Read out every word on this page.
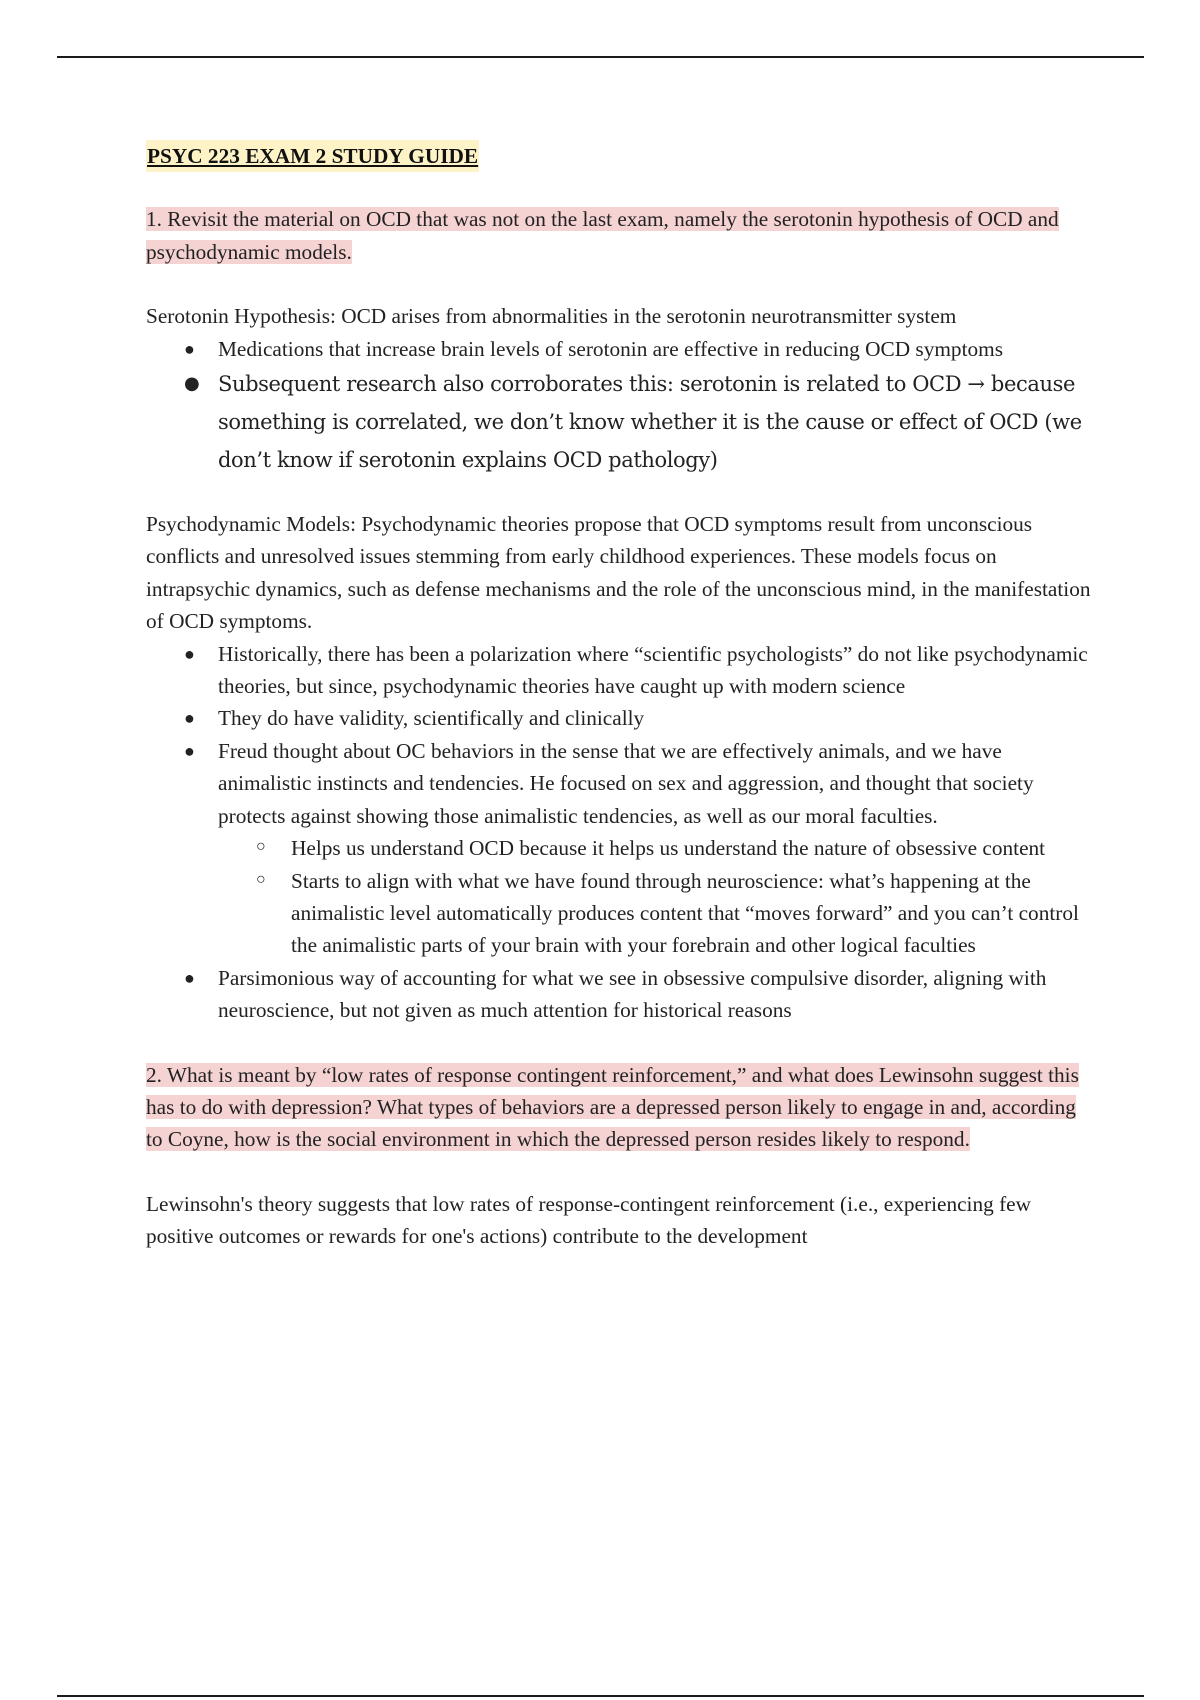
PSYC 223 EXAM 2 STUDY GUIDE

1. Revisit the material on OCD that was not on the last exam, namely the serotonin hypothesis of OCD and psychodynamic models.

Serotonin Hypothesis: OCD arises from abnormalities in the serotonin neurotransmitter system

● Medications that increase brain levels of serotonin are effective in reducing OCD symptoms
● Subsequent research also corroborates this: serotonin is related to OCD → because something is correlated, we don’t know whether it is the cause or effect of OCD (we don’t know if serotonin explains OCD pathology)

Psychodynamic Models: Psychodynamic theories propose that OCD symptoms result from unconscious conflicts and unresolved issues stemming from early childhood experiences. These models focus on intrapsychic dynamics, such as defense mechanisms and the role of the unconscious mind, in the manifestation of OCD symptoms.

● Historically, there has been a polarization where “scientific psychologists” do not like psychodynamic theories, but since, psychodynamic theories have caught up with modern science
● They do have validity, scientifically and clinically
● Freud thought about OC behaviors in the sense that we are effectively animals, and we have animalistic instincts and tendencies. He focused on sex and aggression, and thought that society protects against showing those animalistic tendencies, as well as our moral faculties.
○ Helps us understand OCD because it helps us understand the nature of obsessive content
○ Starts to align with what we have found through neuroscience: what’s happening at the animalistic level automatically produces content that “moves forward” and you can’t control the animalistic parts of your brain with your forebrain and other logical faculties
● Parsimonious way of accounting for what we see in obsessive compulsive disorder, aligning with neuroscience, but not given as much attention for historical reasons

2. What is meant by “low rates of response contingent reinforcement,” and what does Lewinsohn suggest this has to do with depression? What types of behaviors are a depressed person likely to engage in and, according to Coyne, how is the social environment in which the depressed person resides likely to respond.

Lewinsohn's theory suggests that low rates of response-contingent reinforcement (i.e., experiencing few positive outcomes or rewards for one's actions) contribute to the development
